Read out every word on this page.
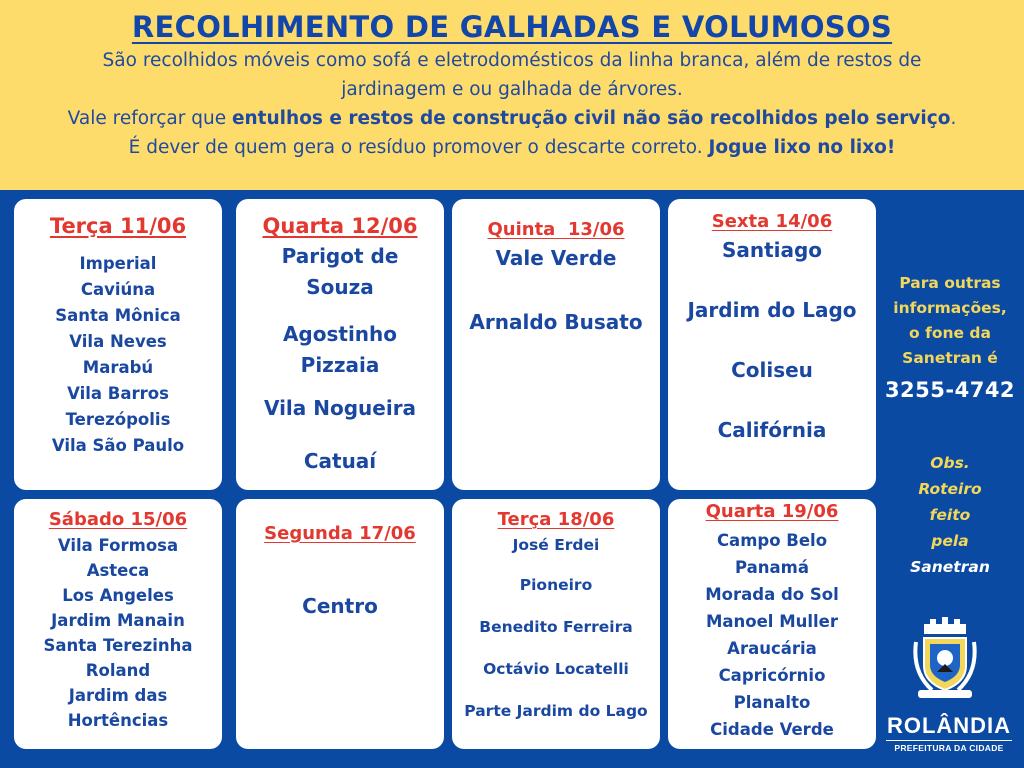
RECOLHIMENTO DE GALHADAS E VOLUMOSOS

São recolhidos móveis como sofá e eletrodomésticos da linha branca, além de restos de

jardinagem e ou galhada de árvores.

Vale reforçar que entulhos e restos de construção civil não são recolhidos pelo serviço.

É dever de quem gera o resíduo promover o descarte correto. Jogue lixo no lixo!

Terça 11/06
Imperial
Caviúna
Santa Mônica
Vila Neves
Marabú
Vila Barros
Terezópolis
Vila São Paulo
Quarta 12/06
Parigot de
Souza
Agostinho
Pizzaia
Vila Nogueira
Catuaí
Quinta  13/06
Vale Verde
Arnaldo Busato
Sexta 14/06
Santiago
Jardim do Lago
Coliseu
Califórnia
Sábado 15/06
Vila Formosa
Asteca
Los Angeles
Jardim Manain
Santa Terezinha
Roland
Jardim das
Hortências
Segunda 17/06
Centro
Terça 18/06
José Erdei
Pioneiro
Benedito Ferreira
Octávio Locatelli
Parte Jardim do Lago
Quarta 19/06
Campo Belo
Panamá
Morada do Sol
Manoel Muller
Araucária
Capricórnio
Planalto
Cidade Verde
Para outras
informações,
o fone da
Sanetran é
3255-4742
Obs.
Roteiro
feito
pela
Sanetran
ROLÂNDIA
PREFEITURA DA CIDADE
